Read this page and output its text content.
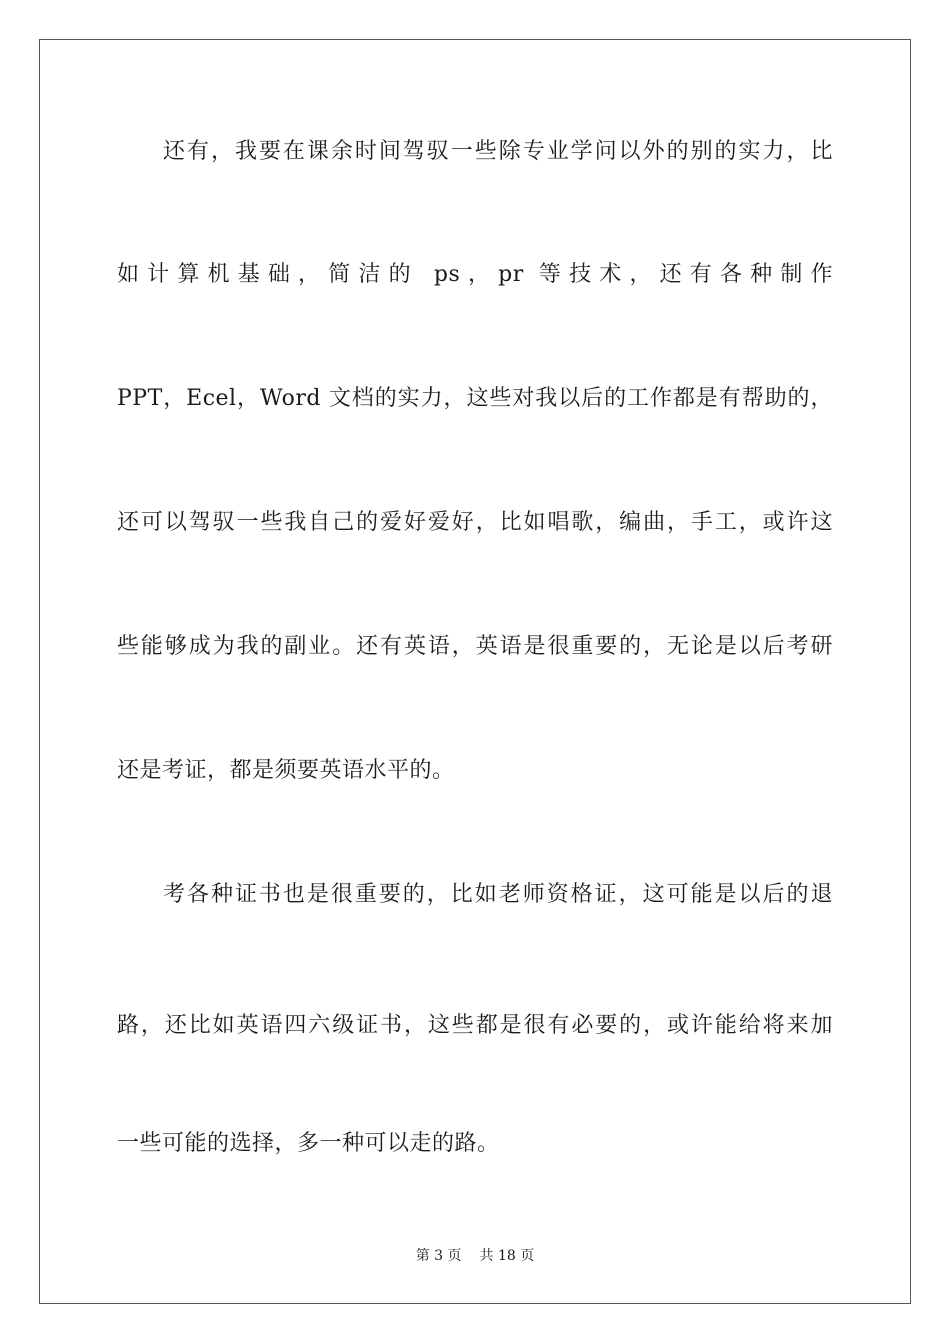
还有，我要在课余时间驾驭一些除专业学问以外的别的实力，比
如计算机基础，简洁的 ps，pr 等技术，还有各种制作
PPT，Ecel，Word 文档的实力，这些对我以后的工作都是有帮助的，
还可以驾驭一些我自己的爱好爱好，比如唱歌，编曲，手工，或许这
些能够成为我的副业。还有英语，英语是很重要的，无论是以后考研
还是考证，都是须要英语水平的。
考各种证书也是很重要的，比如老师资格证，这可能是以后的退
路，还比如英语四六级证书，这些都是很有必要的，或许能给将来加
一些可能的选择，多一种可以走的路。
第 3 页 共 18 页
